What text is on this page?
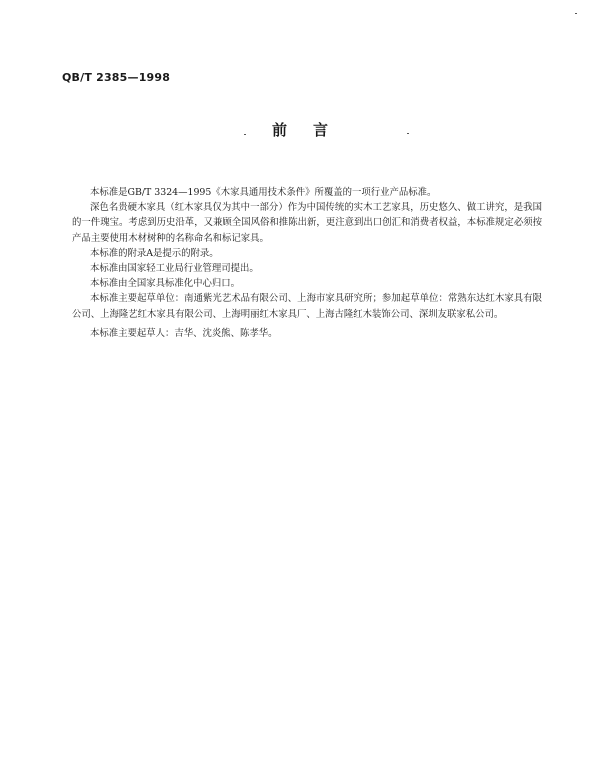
QB/T 2385—1998
前言

本标准是GB/T 3324—1995《木家具通用技术条件》所覆盖的一项行业产品标准。

深色名贵硬木家具（红木家具仅为其中一部分）作为中国传统的实木工艺家具，历史悠久、做工讲究，是我国的一件瑰宝。考虑到历史沿革，又兼顾全国风俗和推陈出新，更注意到出口创汇和消费者权益，本标准规定必须按产品主要使用木材树种的名称命名和标记家具。

本标准的附录A是提示的附录。

本标准由国家轻工业局行业管理司提出。

本标准由全国家具标准化中心归口。

本标准主要起草单位：南通紫光艺术品有限公司、上海市家具研究所；参加起草单位：常熟东达红木家具有限公司、上海隆艺红木家具有限公司、上海明丽红木家具厂、上海古隆红木装饰公司、深圳友联家私公司。

本标准主要起草人：吉华、沈炎熊、陈孝华。
